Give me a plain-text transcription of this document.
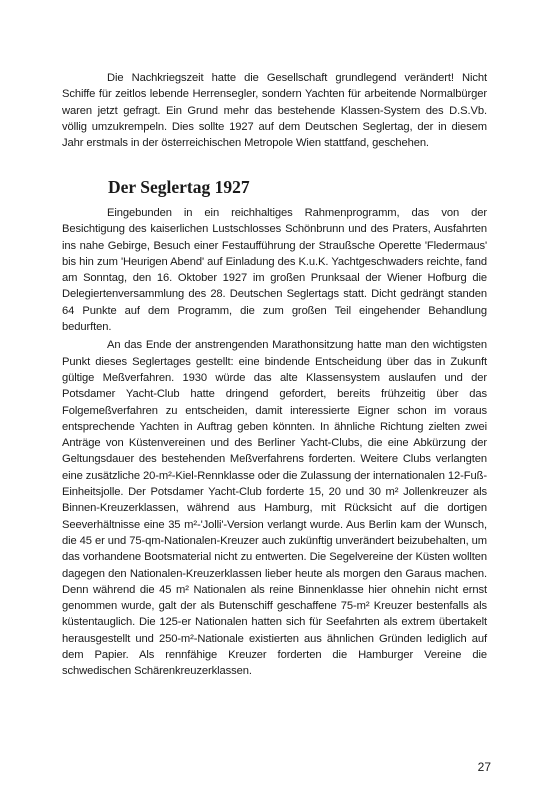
Die Nachkriegszeit hatte die Gesellschaft grundlegend verändert! Nicht Schiffe für zeitlos lebende Herrensegler, sondern Yachten für arbeitende Normalbürger waren jetzt gefragt. Ein Grund mehr das bestehende Klassen-System des D.S.Vb. völlig umzukrempeln. Dies sollte 1927 auf dem Deutschen Seglertag, der in diesem Jahr erstmals in der österreichischen Metropole Wien stattfand, geschehen.

Der Seglertag 1927

Eingebunden in ein reichhaltiges Rahmenprogramm, das von der Besichtigung des kaiserlichen Lustschlosses Schönbrunn und des Praters, Ausfahrten ins nahe Gebirge, Besuch einer Festaufführung der Straußsche Operette 'Fledermaus' bis hin zum 'Heurigen Abend' auf Einladung des K.u.K. Yachtgeschwaders reichte, fand am Sonntag, den 16. Oktober 1927 im großen Prunksaal der Wiener Hofburg die Delegiertenversammlung des 28. Deutschen Seglertags statt. Dicht gedrängt standen 64 Punkte auf dem Programm, die zum großen Teil eingehender Behandlung bedurften.

An das Ende der anstrengenden Marathonsitzung hatte man den wichtigsten Punkt dieses Seglertages gestellt: eine bindende Entscheidung über das in Zukunft gültige Meßverfahren. 1930 würde das alte Klassensystem auslaufen und der Potsdamer Yacht-Club hatte dringend gefordert, bereits frühzeitig über das Folgemeßverfahren zu entscheiden, damit interessierte Eigner schon im voraus entsprechende Yachten in Auftrag geben könnten. In ähnliche Richtung zielten zwei Anträge von Küstenvereinen und des Berliner Yacht-Clubs, die eine Abkürzung der Geltungsdauer des bestehenden Meßverfahrens forderten. Weitere Clubs verlangten eine zusätzliche 20-m²-Kiel-Rennklasse oder die Zulassung der internationalen 12-Fuß-Einheitsjolle. Der Potsdamer Yacht-Club forderte 15, 20 und 30 m² Jollenkreuzer als Binnen-Kreuzerklassen, während aus Hamburg, mit Rücksicht auf die dortigen Seeverhältnisse eine 35 m²-'Jolli'-Version verlangt wurde. Aus Berlin kam der Wunsch, die 45 er und 75-qm-Nationalen-Kreuzer auch zukünftig unverändert beizubehalten, um das vorhandene Bootsmaterial nicht zu entwerten. Die Segelvereine der Küsten wollten dagegen den Nationalen-Kreuzerklassen lieber heute als morgen den Garaus machen. Denn während die 45 m² Nationalen als reine Binnenklasse hier ohnehin nicht ernst genommen wurde, galt der als Butenschiff geschaffene 75-m² Kreuzer bestenfalls als küstentauglich. Die 125-er Nationalen hatten sich für Seefahrten als extrem übertakelt herausgestellt und 250-m²-Nationale existierten aus ähnlichen Gründen lediglich auf dem Papier. Als rennfähige Kreuzer forderten die Hamburger Vereine die schwedischen Schärenkreuzerklassen.

27
